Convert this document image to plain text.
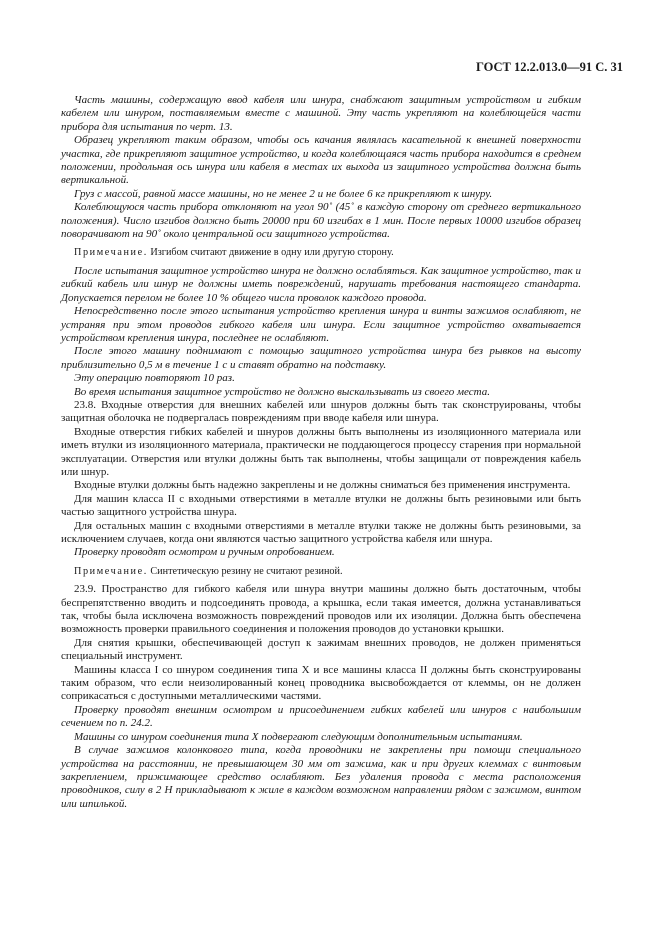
ГОСТ 12.2.013.0—91 С. 31

Часть машины, содержащую ввод кабеля или шнура, снабжают защитным устройством и гибким кабелем или шнуром, поставляемым вместе с машиной. Эту часть укрепляют на колеблющейся части прибора для испытания по черт. 13.

Образец укрепляют таким образом, чтобы ось качания являлась касательной к внешней поверхности участка, где прикрепляют защитное устройство, и когда колеблющаяся часть прибора находится в среднем положении, продольная ось шнура или кабеля в местах их выхода из защитного устройства должна быть вертикальной.

Груз с массой, равной массе машины, но не менее 2 и не более 6 кг прикрепляют к шнуру.

Колеблющуюся часть прибора отклоняют на угол 90˚ (45˚ в каждую сторону от среднего вертикального положения). Число изгибов должно быть 20000 при 60 изгибах в 1 мин. После первых 10000 изгибов образец поворачивают на 90˚ около центральной оси защитного устройства.

Примечание. Изгибом считают движение в одну или другую сторону.

После испытания защитное устройство шнура не должно ослабляться. Как защитное устройство, так и гибкий кабель или шнур не должны иметь повреждений, нарушать требования настоящего стандарта. Допускается перелом не более 10 % общего числа проволок каждого провода.

Непосредственно после этого испытания устройство крепления шнура и винты зажимов ослабляют, не устраняя при этом проводов гибкого кабеля или шнура. Если защитное устройство охватывается устройством крепления шнура, последнее не ослабляют.

После этого машину поднимают с помощью защитного устройства шнура без рывков на высоту приблизительно 0,5 м в течение 1 с и ставят обратно на подставку.

Эту операцию повторяют 10 раз.

Во время испытания защитное устройство не должно выскальзывать из своего места.

23.8. Входные отверстия для внешних кабелей или шнуров должны быть так сконструированы, чтобы защитная оболочка не подвергалась повреждениям при вводе кабеля или шнура.

Входные отверстия гибких кабелей и шнуров должны быть выполнены из изоляционного материала или иметь втулки из изоляционного материала, практически не поддающегося процессу старения при нормальной эксплуатации. Отверстия или втулки должны быть так выполнены, чтобы защищали от повреждения кабель или шнур.

Входные втулки должны быть надежно закреплены и не должны сниматься без применения инструмента.

Для машин класса II с входными отверстиями в металле втулки не должны быть резиновыми или быть частью защитного устройства шнура.

Для остальных машин с входными отверстиями в металле втулки также не должны быть резиновыми, за исключением случаев, когда они являются частью защитного устройства кабеля или шнура.

Проверку проводят осмотром и ручным опробованием.

Примечание. Синтетическую резину не считают резиной.

23.9. Пространство для гибкого кабеля или шнура внутри машины должно быть достаточным, чтобы беспрепятственно вводить и подсоединять провода, а крышка, если такая имеется, должна устанавливаться так, чтобы была исключена возможность повреждений проводов или их изоляции. Должна быть обеспечена возможность проверки правильного соединения и положения проводов до установки крышки.

Для снятия крышки, обеспечивающей доступ к зажимам внешних проводов, не должен применяться специальный инструмент.

Машины класса I со шнуром соединения типа X и все машины класса II должны быть сконструированы таким образом, что если неизолированный конец проводника высвобождается от клеммы, он не должен соприкасаться с доступными металлическими частями.

Проверку проводят внешним осмотром и присоединением гибких кабелей или шнуров с наибольшим сечением по п. 24.2.

Машины со шнуром соединения типа X подвергают следующим дополнительным испытаниям.

В случае зажимов колонкового типа, когда проводники не закреплены при помощи специального устройства на расстоянии, не превышающем 30 мм от зажима, как и при других клеммах с винтовым закреплением, прижимающее средство ослабляют. Без удаления провода с места расположения проводников, силу в 2 Н прикладывают к жиле в каждом возможном направлении рядом с зажимом, винтом или шпилькой.
